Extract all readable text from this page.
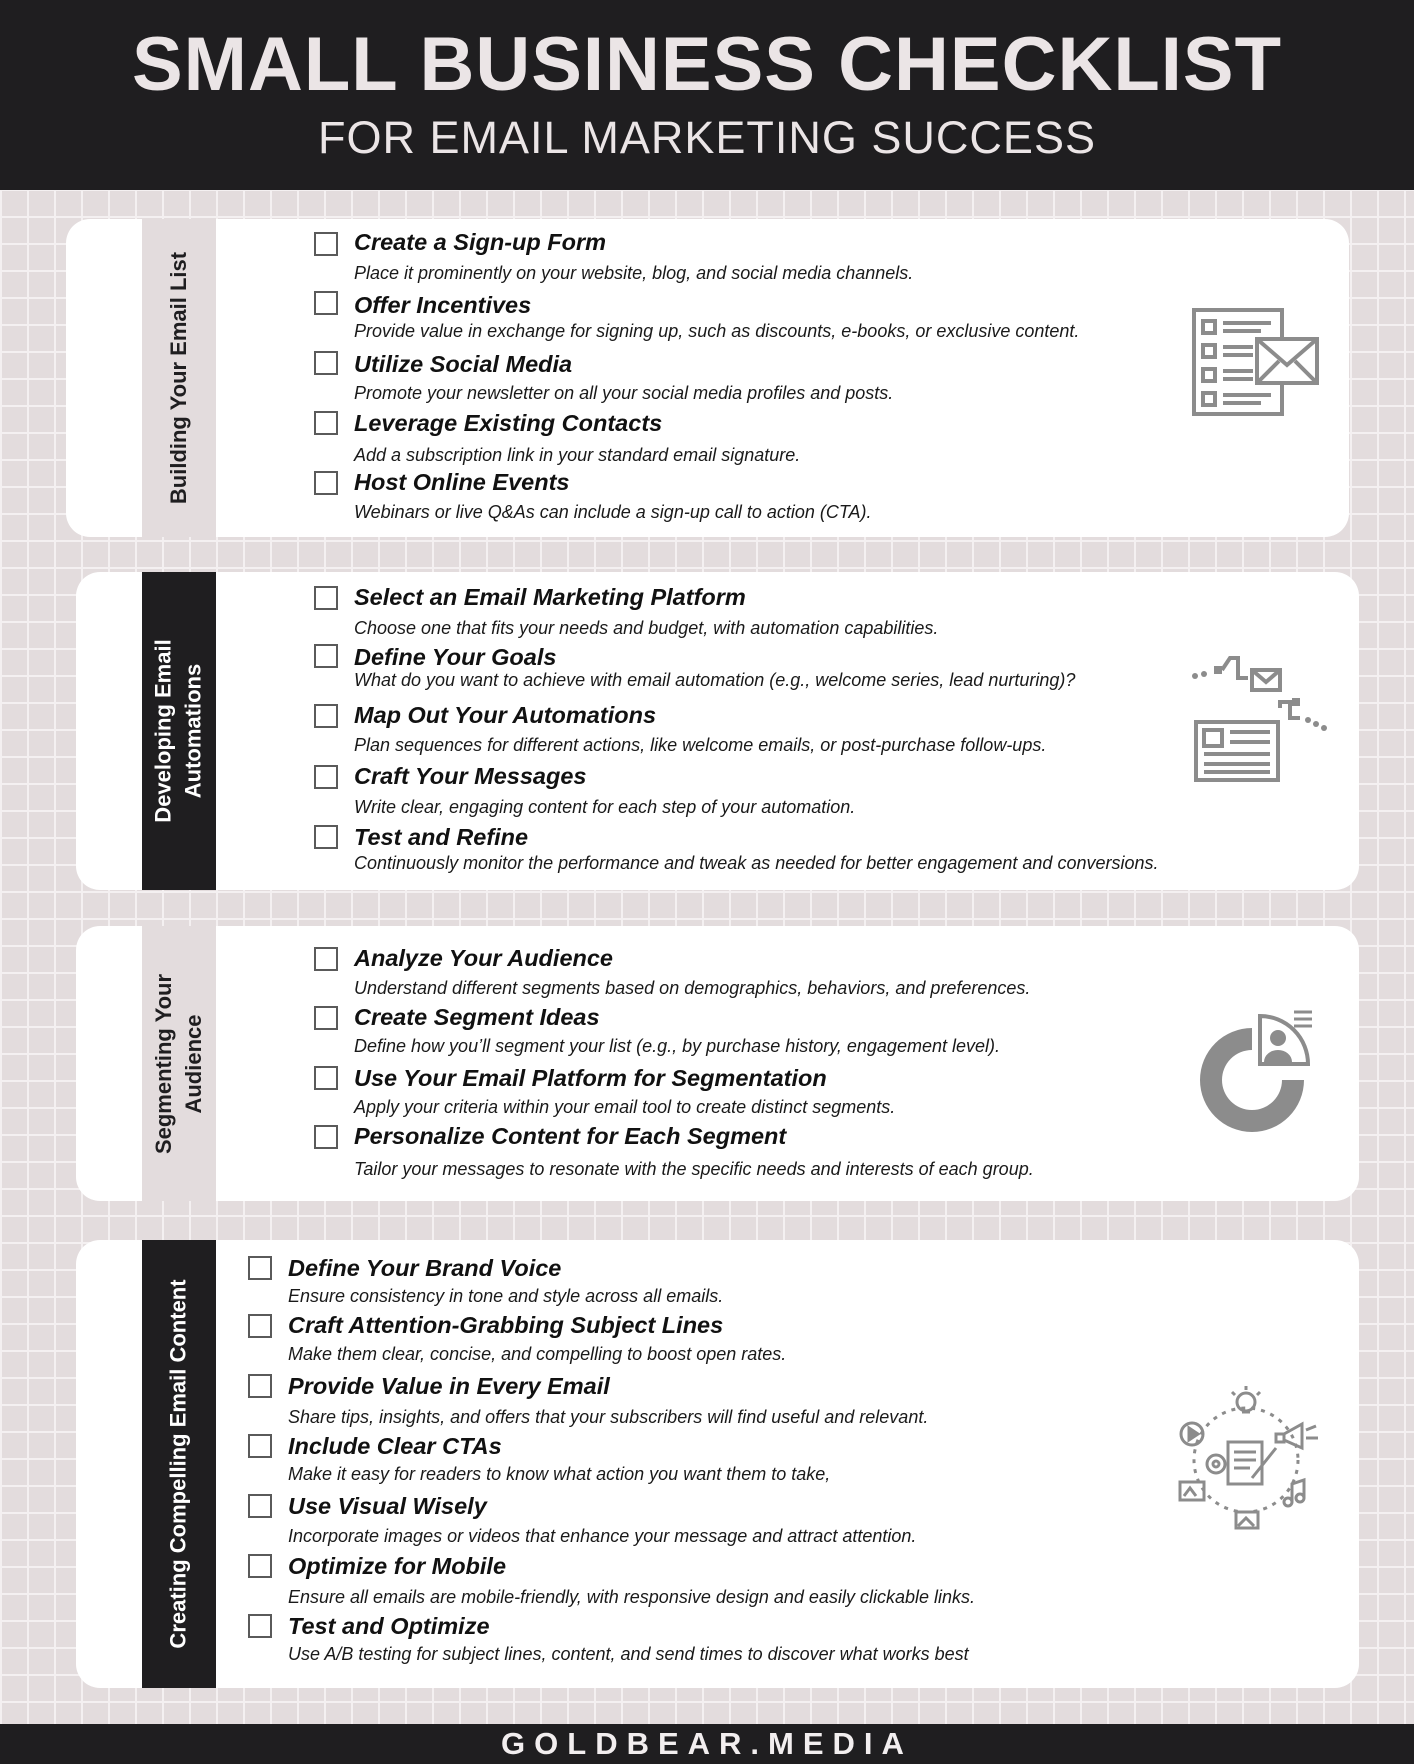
SMALL BUSINESS CHECKLIST
FOR EMAIL MARKETING SUCCESS
Building Your Email List
Create a Sign-up Form
Place it prominently on your website, blog, and social media channels.
Offer Incentives
Provide value in exchange for signing up, such as discounts, e-books, or exclusive content.
Utilize Social Media
Promote your newsletter on all your social media profiles and posts.
Leverage Existing Contacts
Add a subscription link in your standard email signature.
Host Online Events
Webinars or live Q&As can include a sign-up call to action (CTA).
Developing Email Automations
Select an Email Marketing Platform
Choose one that fits your needs and budget, with automation capabilities.
Define Your Goals
What do you want to achieve with email automation (e.g., welcome series, lead nurturing)?
Map Out Your Automations
Plan sequences for different actions, like welcome emails, or post-purchase follow-ups.
Craft Your Messages
Write clear, engaging content for each step of your automation.
Test and Refine
Continuously monitor the performance and tweak as needed for better engagement and conversions.
Segmenting Your Audience
Analyze Your Audience
Understand different segments based on demographics, behaviors, and preferences.
Create Segment Ideas
Define how you’ll segment your list (e.g., by purchase history, engagement level).
Use Your Email Platform for Segmentation
Apply your criteria within your email tool to create distinct segments.
Personalize Content for Each Segment
Tailor your messages to resonate with the specific needs and interests of each group.
Creating Compelling Email Content
Define Your Brand Voice
Ensure consistency in tone and style across all emails.
Craft Attention-Grabbing Subject Lines
Make them clear, concise, and compelling to boost open rates.
Provide Value in Every Email
Share tips, insights, and offers that your subscribers will find useful and relevant.
Include Clear CTAs
Make it easy for readers to know what action you want them to take,
Use Visual Wisely
Incorporate images or videos that enhance your message and attract attention.
Optimize for Mobile
Ensure all emails are mobile-friendly, with responsive design and easily clickable links.
Test and Optimize
Use A/B testing for subject lines, content, and send times to discover what works best
GOLDBEAR.MEDIA
